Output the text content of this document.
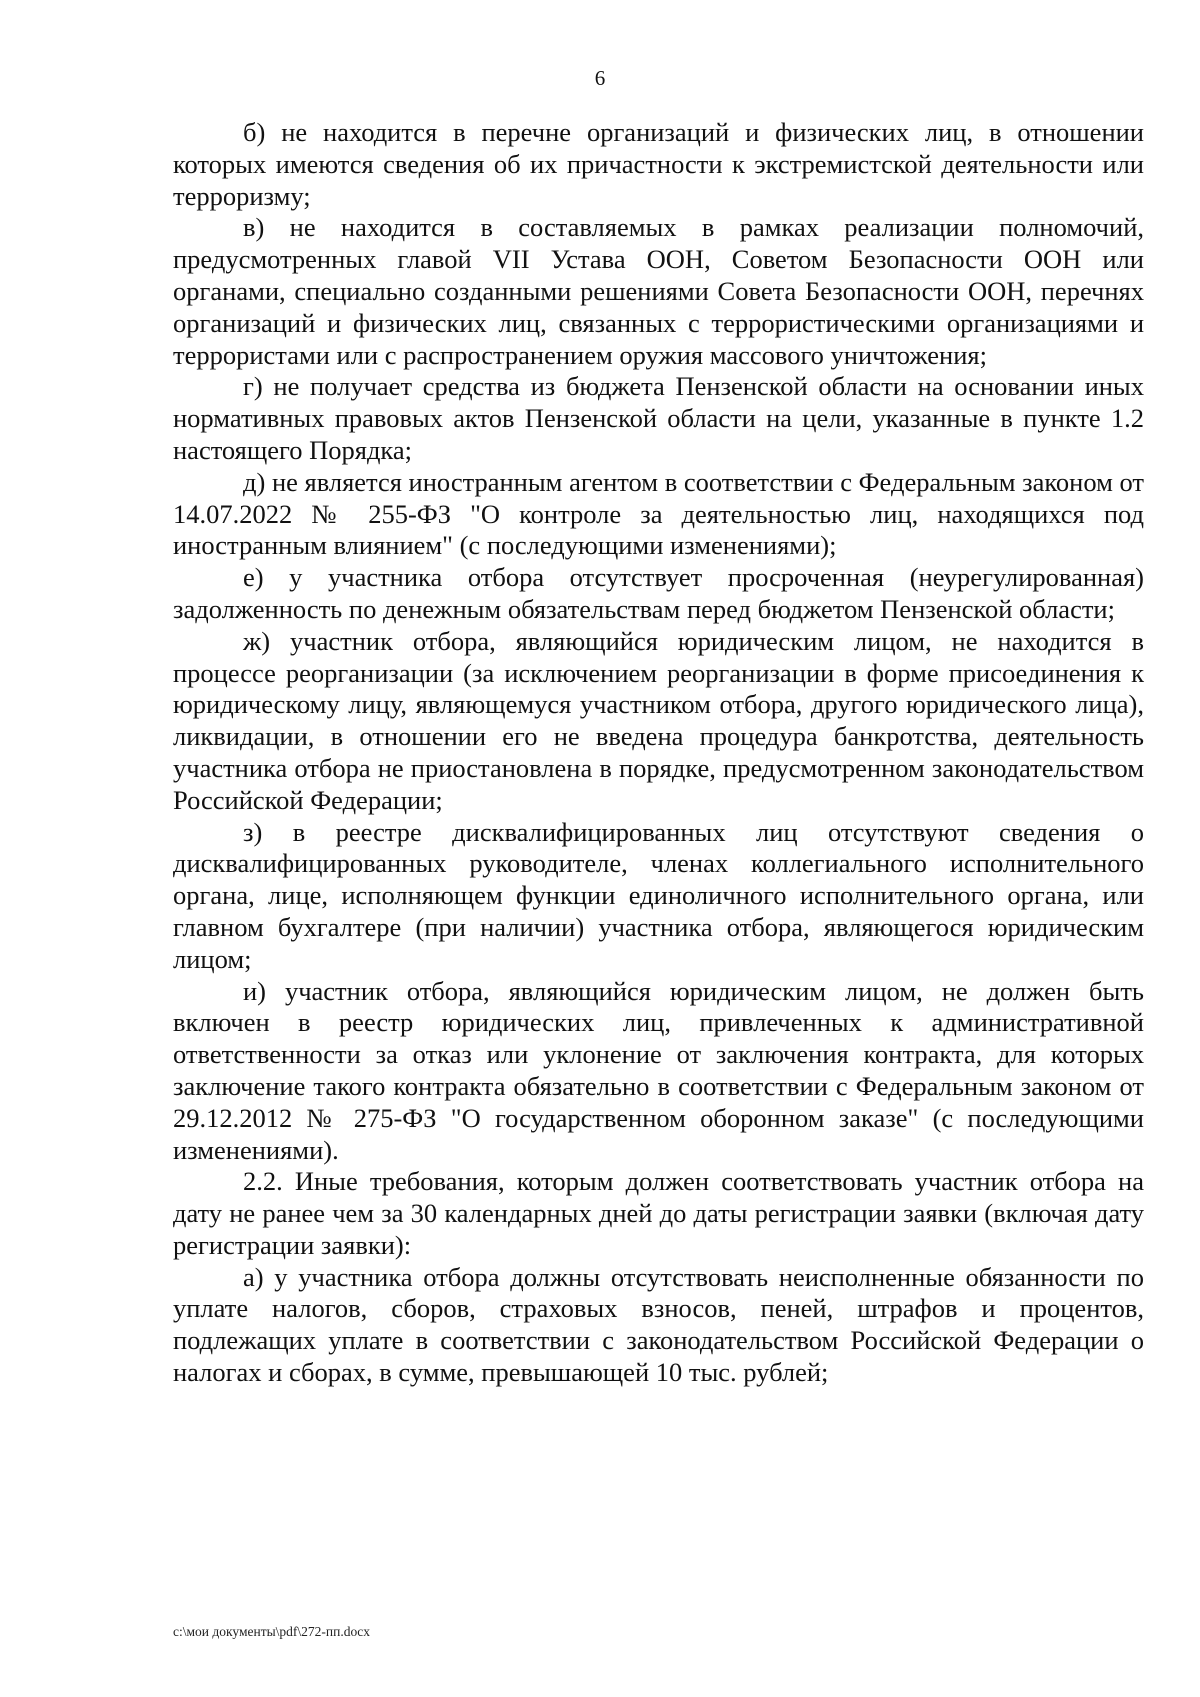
6

б) не находится в перечне организаций и физических лиц, в отношении которых имеются сведения об их причастности к экстремистской деятельности или терроризму;

в) не находится в составляемых в рамках реализации полномочий, предусмотренных главой VII Устава ООН, Советом Безопасности ООН или органами, специально созданными решениями Совета Безопасности ООН, перечнях организаций и физических лиц, связанных с террористическими организациями и террористами или с распространением оружия массового уничтожения;

г) не получает средства из бюджета Пензенской области на основании иных нормативных правовых актов Пензенской области на цели, указанные в пункте 1.2 настоящего Порядка;

д) не является иностранным агентом в соответствии с Федеральным законом от 14.07.2022 № 255-ФЗ "О контроле за деятельностью лиц, находящихся под иностранным влиянием" (с последующими изменениями);

е) у участника отбора отсутствует просроченная (неурегулированная) задолженность по денежным обязательствам перед бюджетом Пензенской области;

ж) участник отбора, являющийся юридическим лицом, не находится в процессе реорганизации (за исключением реорганизации в форме присоединения к юридическому лицу, являющемуся участником отбора, другого юридического лица), ликвидации, в отношении его не введена процедура банкротства, деятельность участника отбора не приостановлена в порядке, предусмотренном законодательством Российской Федерации;

з) в реестре дисквалифицированных лиц отсутствуют сведения о дисквалифицированных руководителе, членах коллегиального исполнительного органа, лице, исполняющем функции единоличного исполнительного органа, или главном бухгалтере (при наличии) участника отбора, являющегося юридическим лицом;

и) участник отбора, являющийся юридическим лицом, не должен быть включен в реестр юридических лиц, привлеченных к административной ответственности за отказ или уклонение от заключения контракта, для которых заключение такого контракта обязательно в соответствии с Федеральным законом от 29.12.2012 № 275-ФЗ "О государственном оборонном заказе" (с последующими изменениями).

2.2. Иные требования, которым должен соответствовать участник отбора на дату не ранее чем за 30 календарных дней до даты регистрации заявки (включая дату регистрации заявки):

а) у участника отбора должны отсутствовать неисполненные обязанности по уплате налогов, сборов, страховых взносов, пеней, штрафов и процентов, подлежащих уплате в соответствии с законодательством Российской Федерации о налогах и сборах, в сумме, превышающей 10 тыс. рублей;

c:\мои документы\pdf\272-пп.docx
